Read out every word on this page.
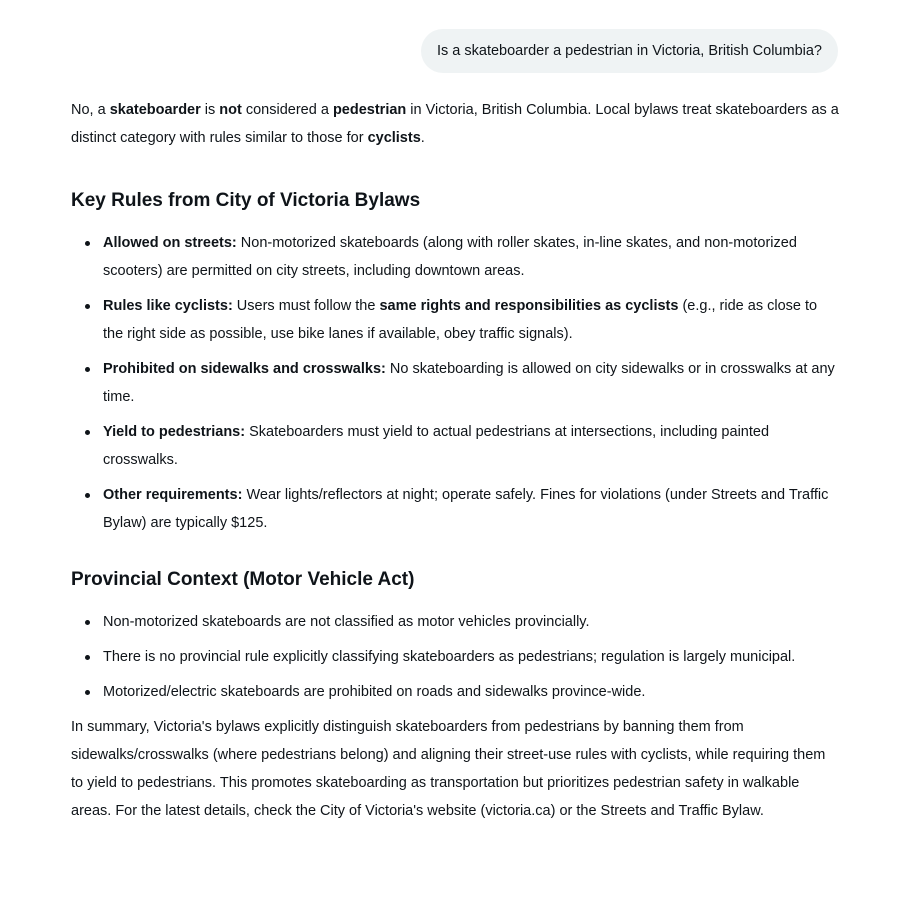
Is a skateboarder a pedestrian in Victoria, British Columbia?

No, a skateboarder is not considered a pedestrian in Victoria, British Columbia. Local bylaws treat skateboarders as a distinct category with rules similar to those for cyclists.

Key Rules from City of Victoria Bylaws
Allowed on streets: Non-motorized skateboards (along with roller skates, in-line skates, and non-motorized scooters) are permitted on city streets, including downtown areas.
Rules like cyclists: Users must follow the same rights and responsibilities as cyclists (e.g., ride as close to the right side as possible, use bike lanes if available, obey traffic signals).
Prohibited on sidewalks and crosswalks: No skateboarding is allowed on city sidewalks or in crosswalks at any time.
Yield to pedestrians: Skateboarders must yield to actual pedestrians at intersections, including painted crosswalks.
Other requirements: Wear lights/reflectors at night; operate safely. Fines for violations (under Streets and Traffic Bylaw) are typically $125.
Provincial Context (Motor Vehicle Act)
Non-motorized skateboards are not classified as motor vehicles provincially.
There is no provincial rule explicitly classifying skateboarders as pedestrians; regulation is largely municipal.
Motorized/electric skateboards are prohibited on roads and sidewalks province-wide.

In summary, Victoria's bylaws explicitly distinguish skateboarders from pedestrians by banning them from sidewalks/crosswalks (where pedestrians belong) and aligning their street-use rules with cyclists, while requiring them to yield to pedestrians. This promotes skateboarding as transportation but prioritizes pedestrian safety in walkable areas. For the latest details, check the City of Victoria's website (victoria.ca) or the Streets and Traffic Bylaw.
